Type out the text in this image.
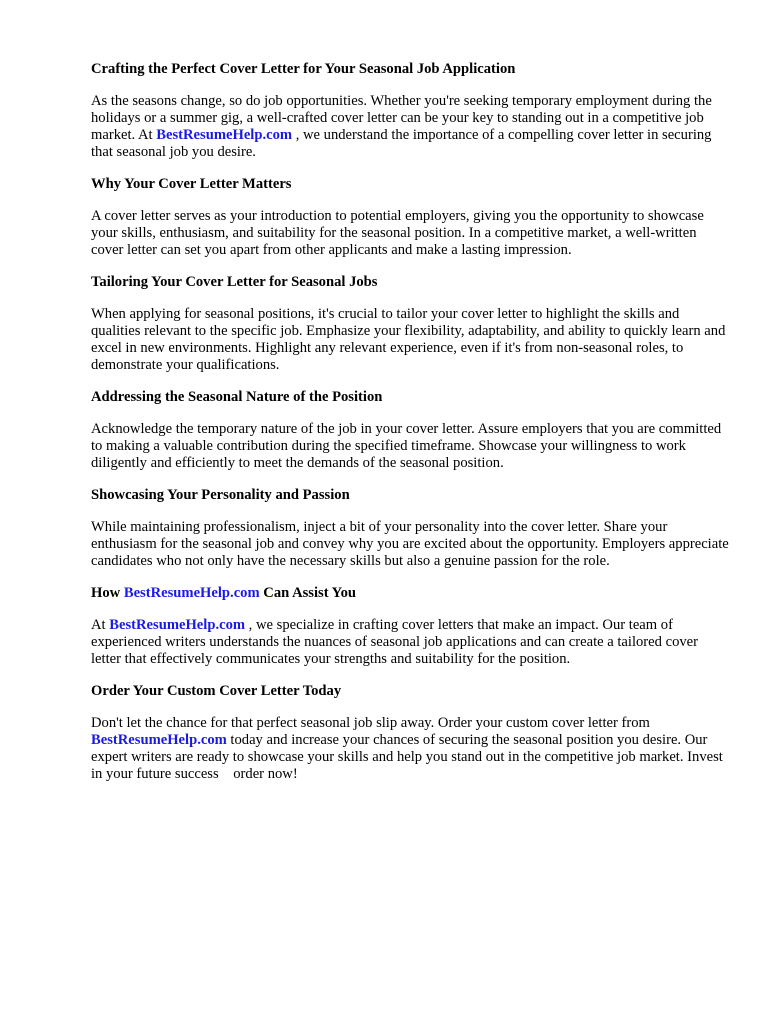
Crafting the Perfect Cover Letter for Your Seasonal Job Application

As the seasons change, so do job opportunities. Whether you're seeking temporary employment during the holidays or a summer gig, a well-crafted cover letter can be your key to standing out in a competitive job market. At BestResumeHelp.com , we understand the importance of a compelling cover letter in securing that seasonal job you desire.

Why Your Cover Letter Matters

A cover letter serves as your introduction to potential employers, giving you the opportunity to showcase your skills, enthusiasm, and suitability for the seasonal position. In a competitive market, a well-written cover letter can set you apart from other applicants and make a lasting impression.

Tailoring Your Cover Letter for Seasonal Jobs

When applying for seasonal positions, it's crucial to tailor your cover letter to highlight the skills and qualities relevant to the specific job. Emphasize your flexibility, adaptability, and ability to quickly learn and excel in new environments. Highlight any relevant experience, even if it's from non-seasonal roles, to demonstrate your qualifications.

Addressing the Seasonal Nature of the Position

Acknowledge the temporary nature of the job in your cover letter. Assure employers that you are committed to making a valuable contribution during the specified timeframe. Showcase your willingness to work diligently and efficiently to meet the demands of the seasonal position.

Showcasing Your Personality and Passion

While maintaining professionalism, inject a bit of your personality into the cover letter. Share your enthusiasm for the seasonal job and convey why you are excited about the opportunity. Employers appreciate candidates who not only have the necessary skills but also a genuine passion for the role.

How BestResumeHelp.com Can Assist You

At BestResumeHelp.com , we specialize in crafting cover letters that make an impact. Our team of experienced writers understands the nuances of seasonal job applications and can create a tailored cover letter that effectively communicates your strengths and suitability for the position.

Order Your Custom Cover Letter Today

Don't let the chance for that perfect seasonal job slip away. Order your custom cover letter from BestResumeHelp.com today and increase your chances of securing the seasonal position you desire. Our expert writers are ready to showcase your skills and help you stand out in the competitive job market. Invest in your future success    order now!
